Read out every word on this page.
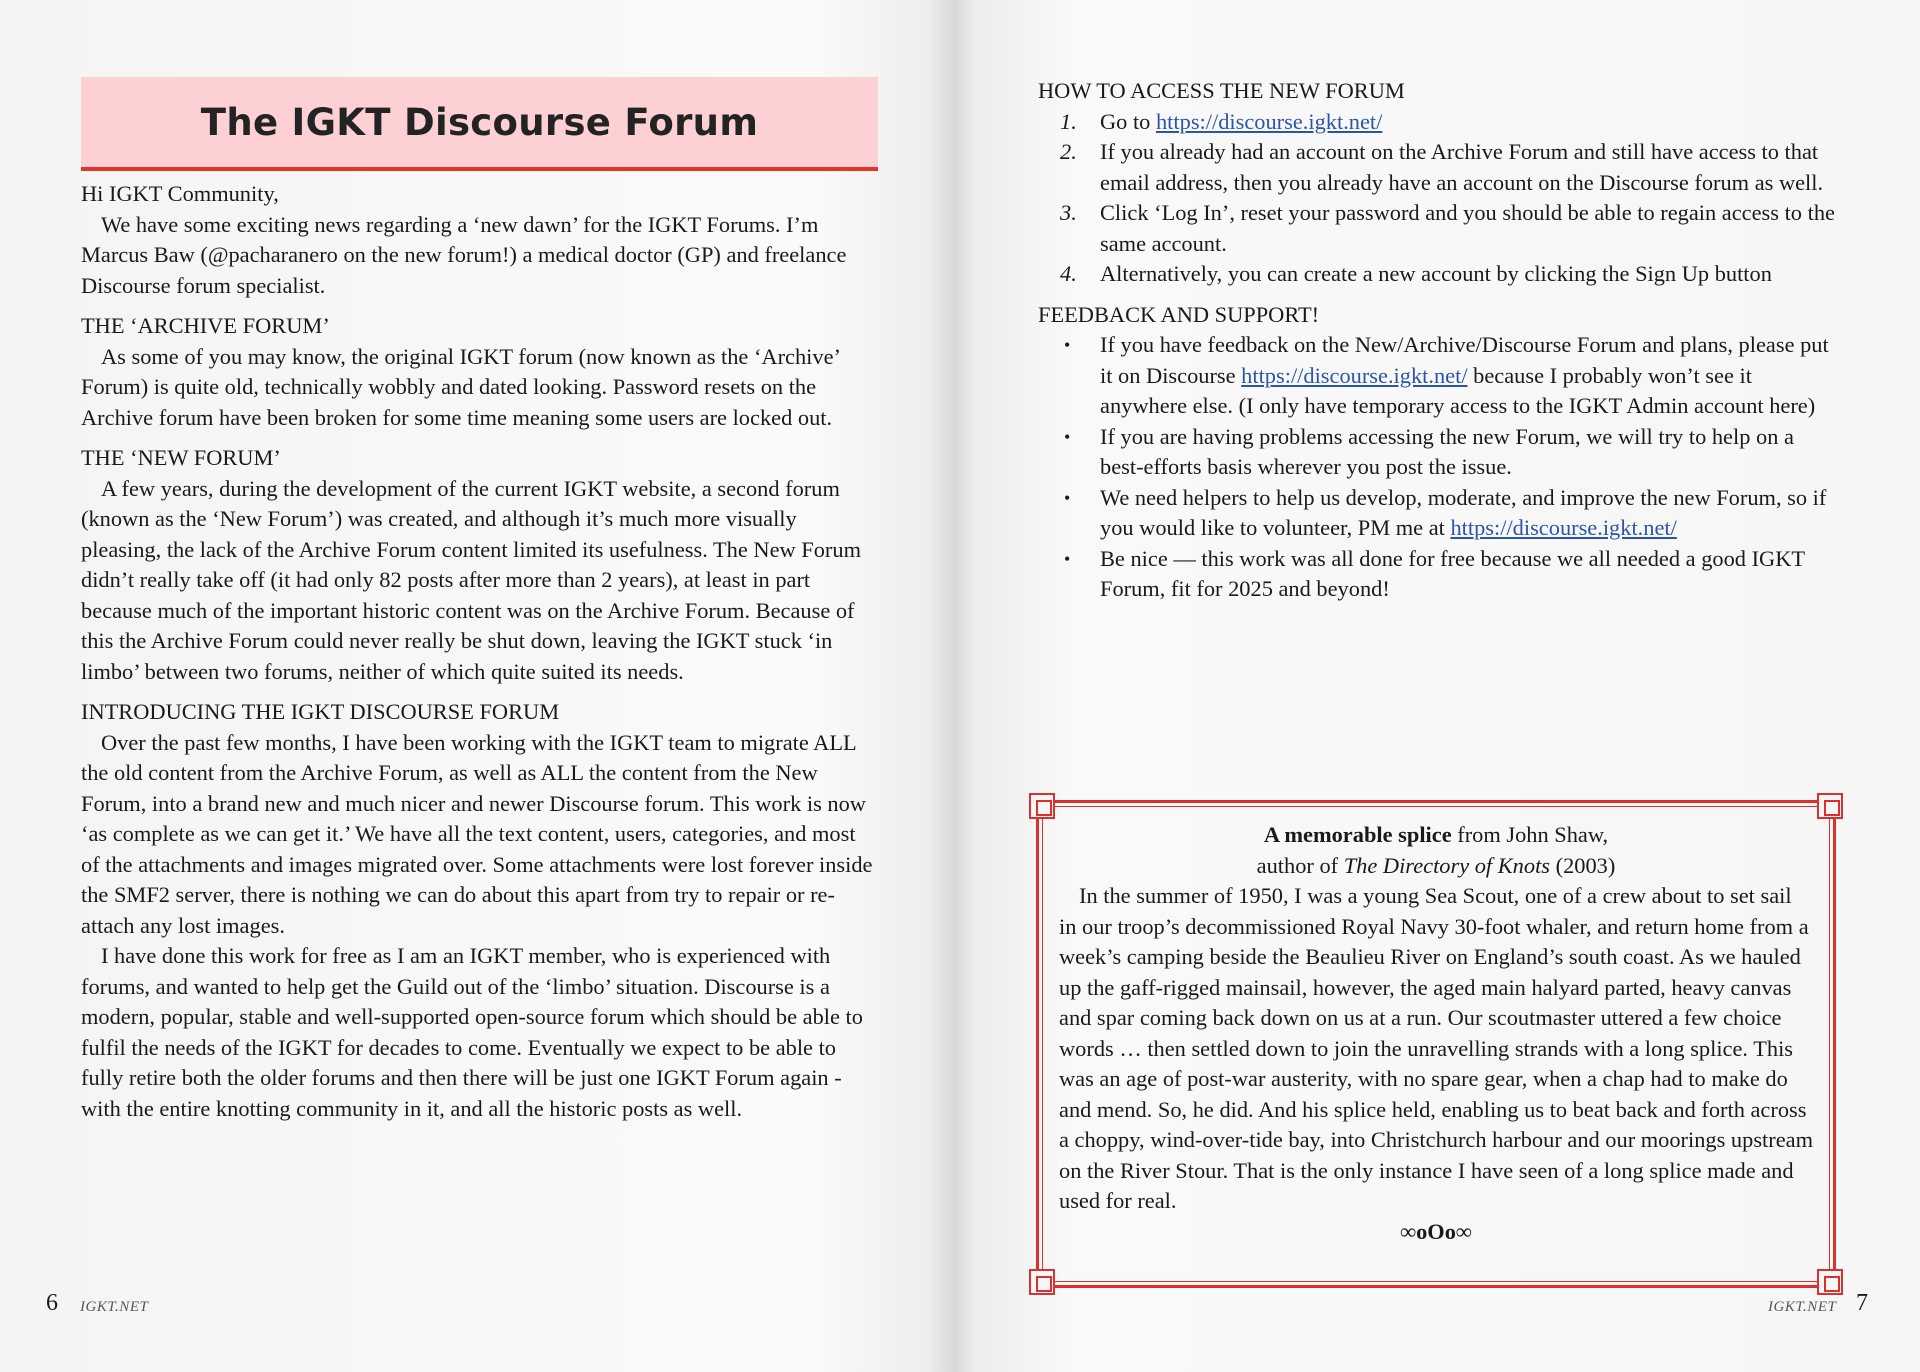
The IGKT Discourse Forum

Hi IGKT Community,

We have some exciting news regarding a ‘new dawn’ for the IGKT Forums. I’m Marcus Baw (@pacharanero on the new forum!) a medical doctor (GP) and freelance Discourse forum specialist.

THE ‘ARCHIVE FORUM’

As some of you may know, the original IGKT forum (now known as the ‘Archive’ Forum) is quite old, technically wobbly and dated looking. Password resets on the Archive forum have been broken for some time meaning some users are locked out.

THE ‘NEW FORUM’

A few years, during the development of the current IGKT website, a second forum (known as the ‘New Forum’) was created, and although it’s much more visually pleasing, the lack of the Archive Forum content limited its usefulness. The New Forum didn’t really take off (it had only 82 posts after more than 2 years), at least in part because much of the important historic content was on the Archive Forum. Because of this the Archive Forum could never really be shut down, leaving the IGKT stuck ‘in limbo’ between two forums, neither of which quite suited its needs.

INTRODUCING THE IGKT DISCOURSE FORUM

Over the past few months, I have been working with the IGKT team to migrate ALL the old content from the Archive Forum, as well as ALL the content from the New Forum, into a brand new and much nicer and newer Discourse forum. This work is now ‘as complete as we can get it.’ We have all the text content, users, categories, and most of the attachments and images migrated over. Some attachments were lost forever inside the SMF2 server, there is nothing we can do about this apart from try to repair or re-attach any lost images.

I have done this work for free as I am an IGKT member, who is experienced with forums, and wanted to help get the Guild out of the ‘limbo’ situation. Discourse is a modern, popular, stable and well-supported open-source forum which should be able to fulfil the needs of the IGKT for decades to come. Eventually we expect to be able to fully retire both the older forums and then there will be just one IGKT Forum again - with the entire knotting community in it, and all the historic posts as well.

6 IGKT.NET

HOW TO ACCESS THE NEW FORUM

1. Go to https://discourse.igkt.net/
2. If you already had an account on the Archive Forum and still have access to that email address, then you already have an account on the Discourse forum as well.
3. Click ‘Log In’, reset your password and you should be able to regain access to the same account.
4. Alternatively, you can create a new account by clicking the Sign Up button

FEEDBACK AND SUPPORT!

• If you have feedback on the New/Archive/Discourse Forum and plans, please put it on Discourse https://discourse.igkt.net/ because I probably won’t see it anywhere else. (I only have temporary access to the IGKT Admin account here)
• If you are having problems accessing the new Forum, we will try to help on a best-efforts basis wherever you post the issue.
• We need helpers to help us develop, moderate, and improve the new Forum, so if you would like to volunteer, PM me at https://discourse.igkt.net/
• Be nice — this work was all done for free because we all needed a good IGKT Forum, fit for 2025 and beyond!

A memorable splice from John Shaw,

author of The Directory of Knots (2003)

In the summer of 1950, I was a young Sea Scout, one of a crew about to set sail in our troop’s decommissioned Royal Navy 30-foot whaler, and return home from a week’s camping beside the Beaulieu River on England’s south coast. As we hauled up the gaff-rigged mainsail, however, the aged main halyard parted, heavy canvas and spar coming back down on us at a run. Our scoutmaster uttered a few choice words … then settled down to join the unravelling strands with a long splice. This was an age of post-war austerity, with no spare gear, when a chap had to make do and mend. So, he did. And his splice held, enabling us to beat back and forth across a choppy, wind-over-tide bay, into Christchurch harbour and our moorings upstream on the River Stour. That is the only instance I have seen of a long splice made and used for real.

∞oOo∞

IGKT.NET 7
